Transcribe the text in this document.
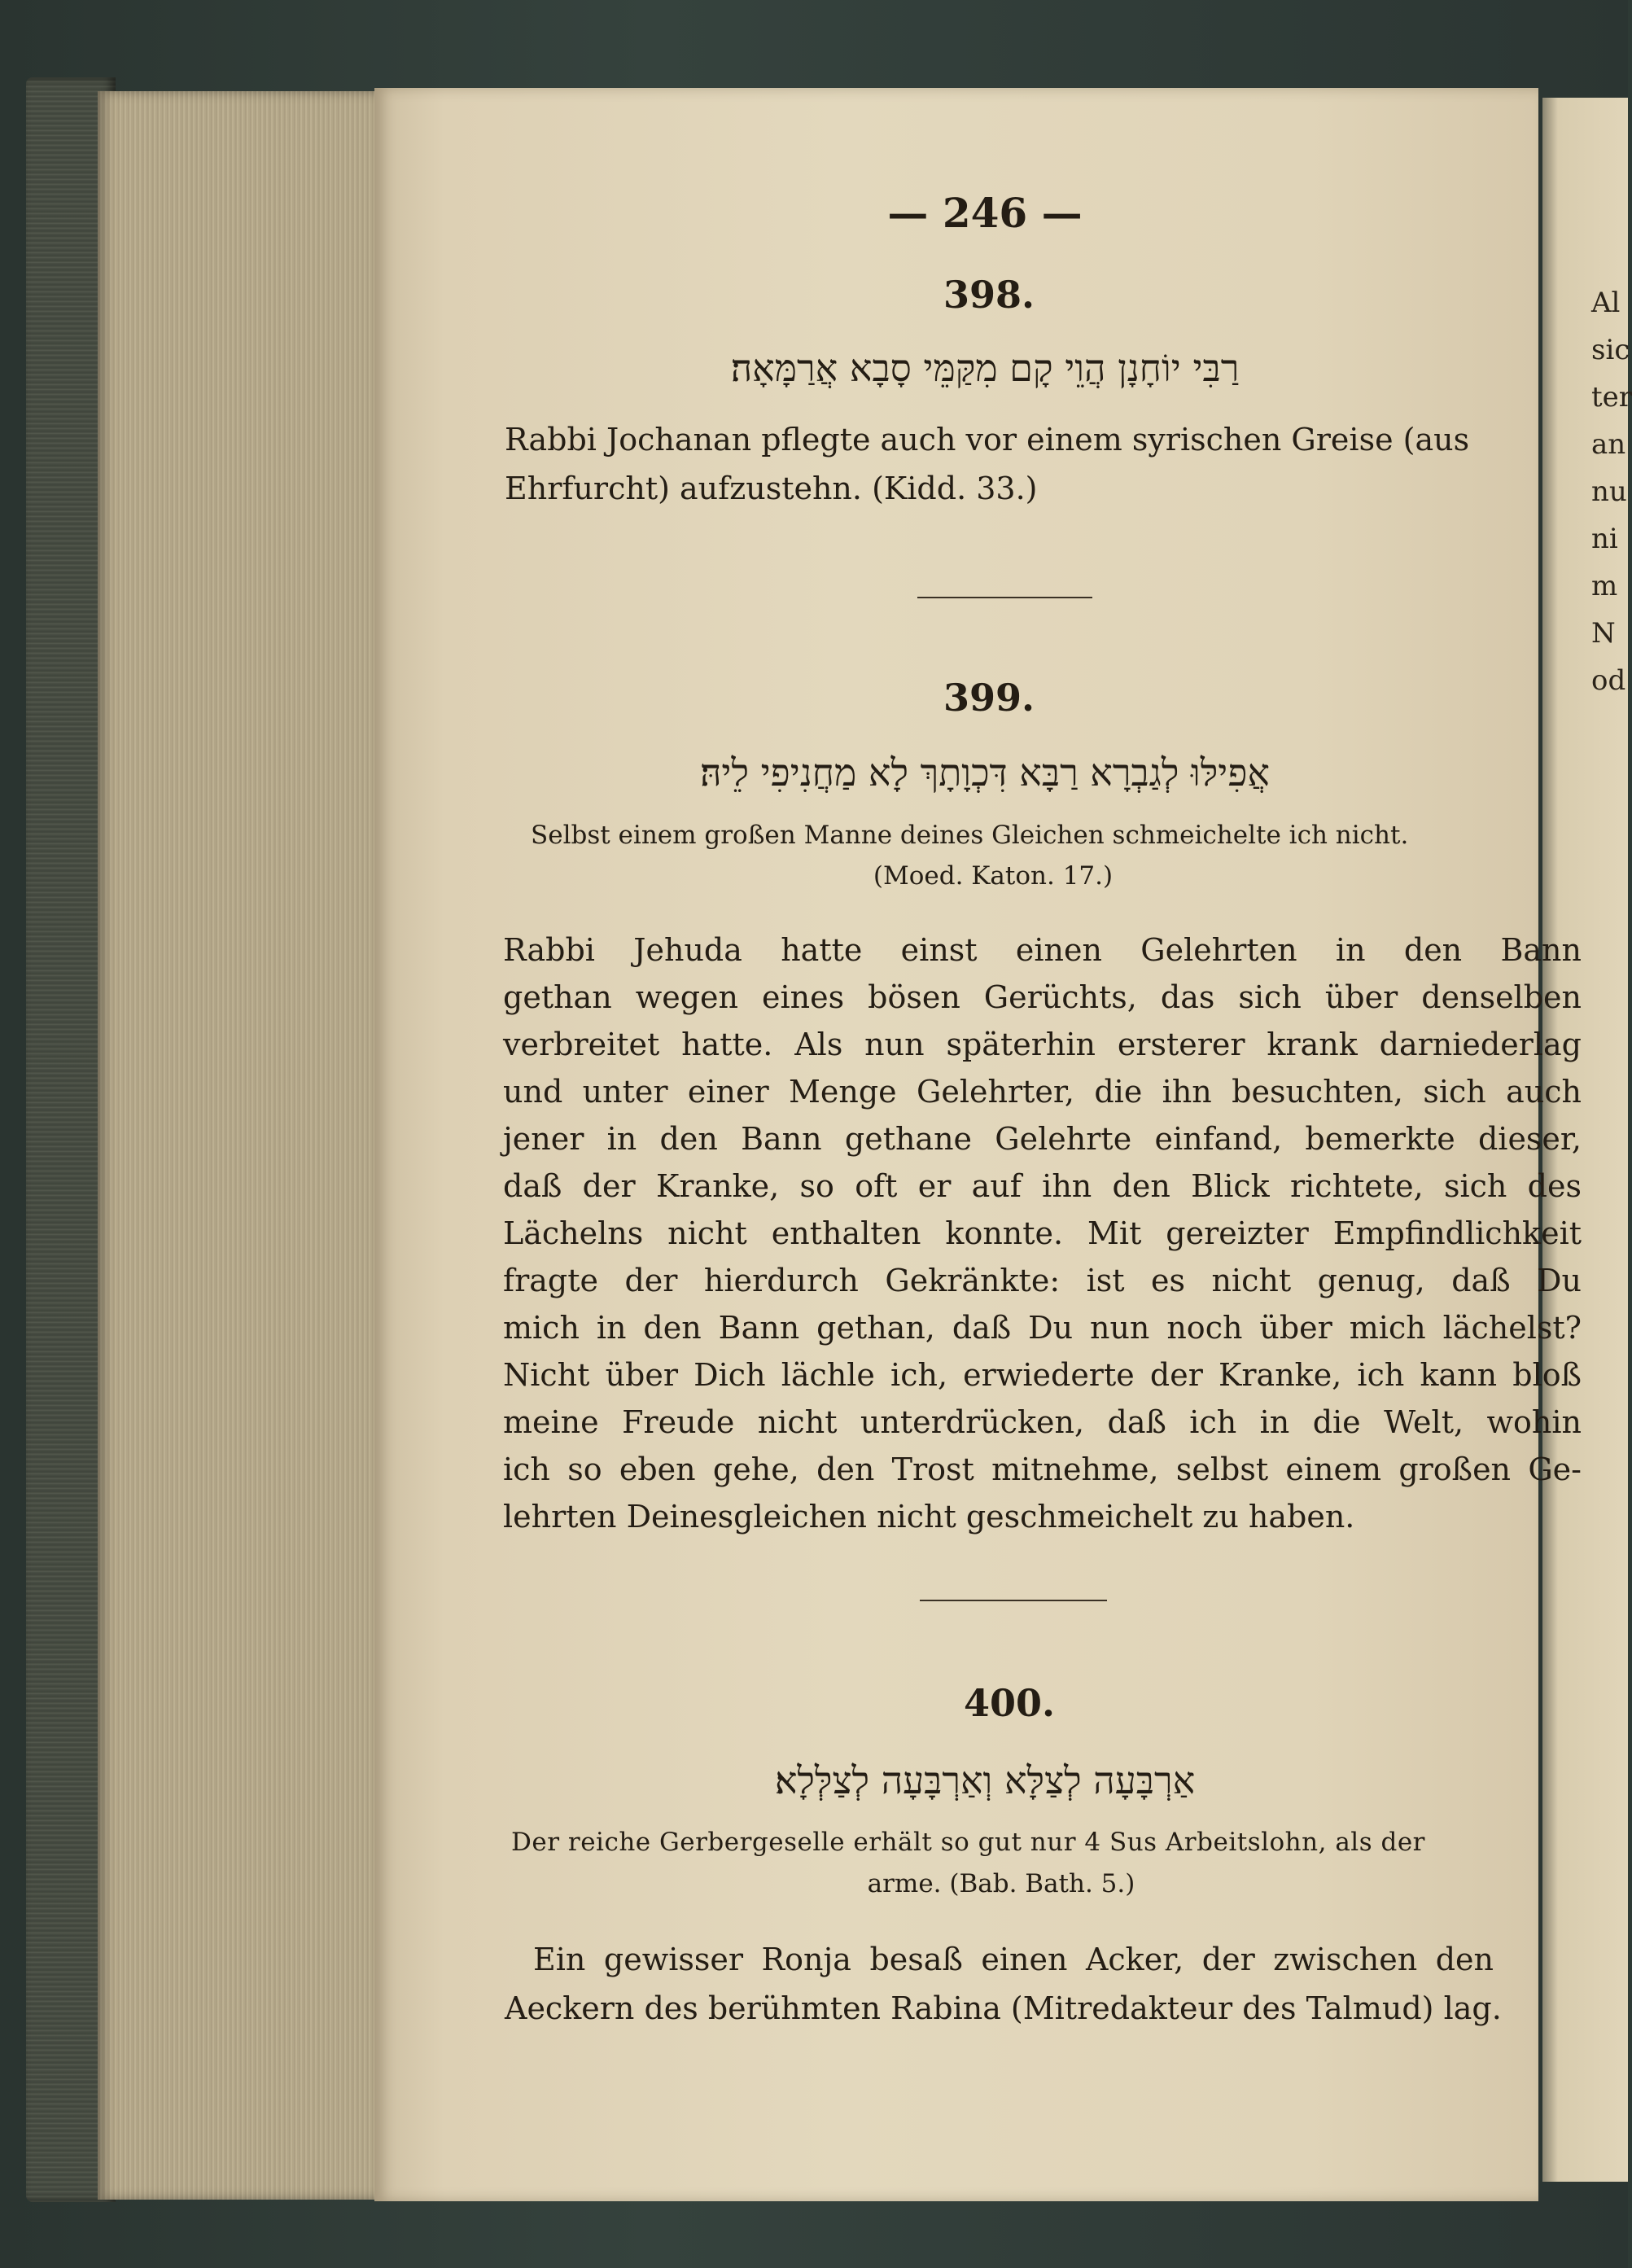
Al
sic
ter
an
nu
ni
m
N
od
— 246 —
398.
רַבִּי יוֹחָנָן הֲוֵי קָם מִקַּמֵּי סָבָא אֲרַמָּאָה׃
Rabbi Jochanan pflegte auch vor einem syrischen Greise (aus
Ehrfurcht) aufzustehn. (Kidd. 33.)
399.
אֲפִילּוּ לְגַבְרָא רַבָּא דִּכְוָתָךְ לָא מַחֲנִיפִי לֵיהּ׃
Selbst einem großen Manne deines Gleichen schmeichelte ich nicht.
(Moed. Katon. 17.)
Rabbi Jehuda hatte einst einen Gelehrten in den Bann
gethan wegen eines bösen Gerüchts, das sich über denselben
verbreitet hatte. Als nun späterhin ersterer krank darniederlag
und unter einer Menge Gelehrter, die ihn besuchten, sich auch
jener in den Bann gethane Gelehrte einfand, bemerkte dieser,
daß der Kranke, so oft er auf ihn den Blick richtete, sich des
Lächelns nicht enthalten konnte. Mit gereizter Empfindlichkeit
fragte der hierdurch Gekränkte: ist es nicht genug, daß Du
mich in den Bann gethan, daß Du nun noch über mich lächelst?
Nicht über Dich lächle ich, erwiederte der Kranke, ich kann bloß
meine Freude nicht unterdrücken, daß ich in die Welt, wohin
ich so eben gehe, den Trost mitnehme, selbst einem großen Ge-
lehrten Deinesgleichen nicht geschmeichelt zu haben.
400.
אַרְבָּעָה לְצַלָּא וְאַרְבָּעָה לְצַלְּלָא׃
Der reiche Gerbergeselle erhält so gut nur 4 Sus Arbeitslohn, als der
arme. (Bab. Bath. 5.)
Ein gewisser Ronja besaß einen Acker, der zwischen den
Aeckern des berühmten Rabina (Mitredakteur des Talmud) lag.
